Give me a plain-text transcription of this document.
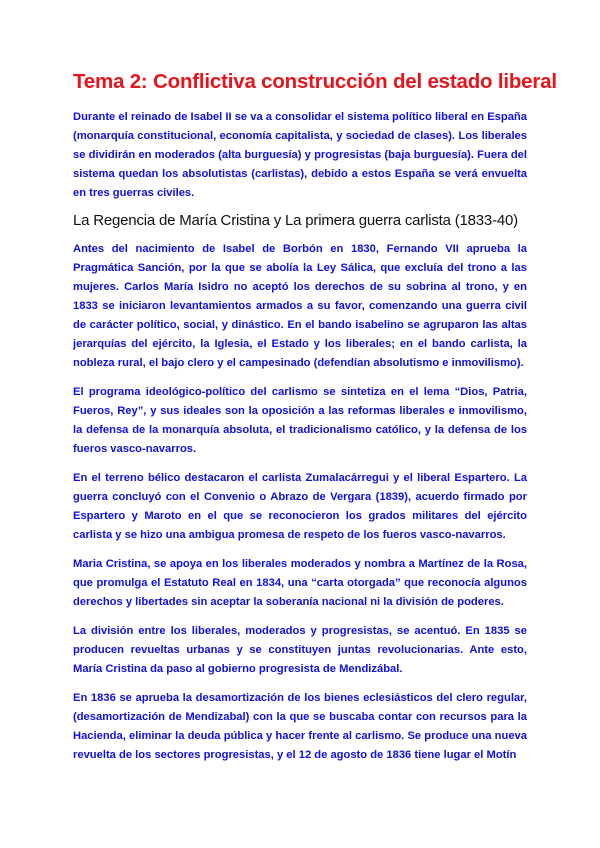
Tema 2: Conflictiva construcción del estado liberal

Durante el reinado de Isabel II se va a consolidar el sistema político liberal en España (monarquía constitucional, economía capitalista, y sociedad de clases). Los liberales se dividirán en moderados (alta burguesía) y progresistas (baja burguesía). Fuera del sistema quedan los absolutistas (carlistas), debido a estos España se verá envuelta en tres guerras civiles.

La Regencia de María Cristina y La primera guerra carlista (1833-40)

Antes del nacimiento de Isabel de Borbón en 1830, Fernando VII aprueba la Pragmática Sanción, por la que se abolía la Ley Sálica, que excluía del trono a las mujeres. Carlos María Isidro no aceptó los derechos de su sobrina al trono, y en 1833 se iniciaron levantamientos armados a su favor, comenzando una guerra civil de carácter político, social, y dinástico. En el bando isabelino se agruparon las altas jerarquías del ejército, la Iglesia, el Estado y los liberales; en el bando carlista, la nobleza rural, el bajo clero y el campesinado (defendían absolutismo e inmovilismo).

El programa ideológico-político del carlismo se sintetiza en el lema “Dios, Patria, Fueros, Rey”, y sus ideales son la oposición a las reformas liberales e inmovilismo, la defensa de la monarquía absoluta, el tradicionalismo católico, y la defensa de los fueros vasco-navarros.

En el terreno bélico destacaron el carlista Zumalacárregui y el liberal Espartero. La guerra concluyó con el Convenio o Abrazo de Vergara (1839), acuerdo firmado por Espartero y Maroto en el que se reconocieron los grados militares del ejército carlista y se hizo una ambigua promesa de respeto de los fueros vasco-navarros.

Maria Cristina, se apoya en los liberales moderados y nombra a Martínez de la Rosa, que promulga el Estatuto Real en 1834, una “carta otorgada” que reconocía algunos derechos y libertades sin aceptar la soberanía nacional ni la división de poderes.

La división entre los liberales, moderados y progresistas, se acentuó. En 1835 se producen revueltas urbanas y se constituyen juntas revolucionarias. Ante esto, María Cristina da paso al gobierno progresista de Mendizábal.

En 1836 se aprueba la desamortización de los bienes eclesiásticos del clero regular, (desamortización de Mendizabal) con la que se buscaba contar con recursos para la Hacienda, eliminar la deuda pública y hacer frente al carlismo. Se produce una nueva revuelta de los sectores progresistas, y el 12 de agosto de 1836 tiene lugar el Motín
